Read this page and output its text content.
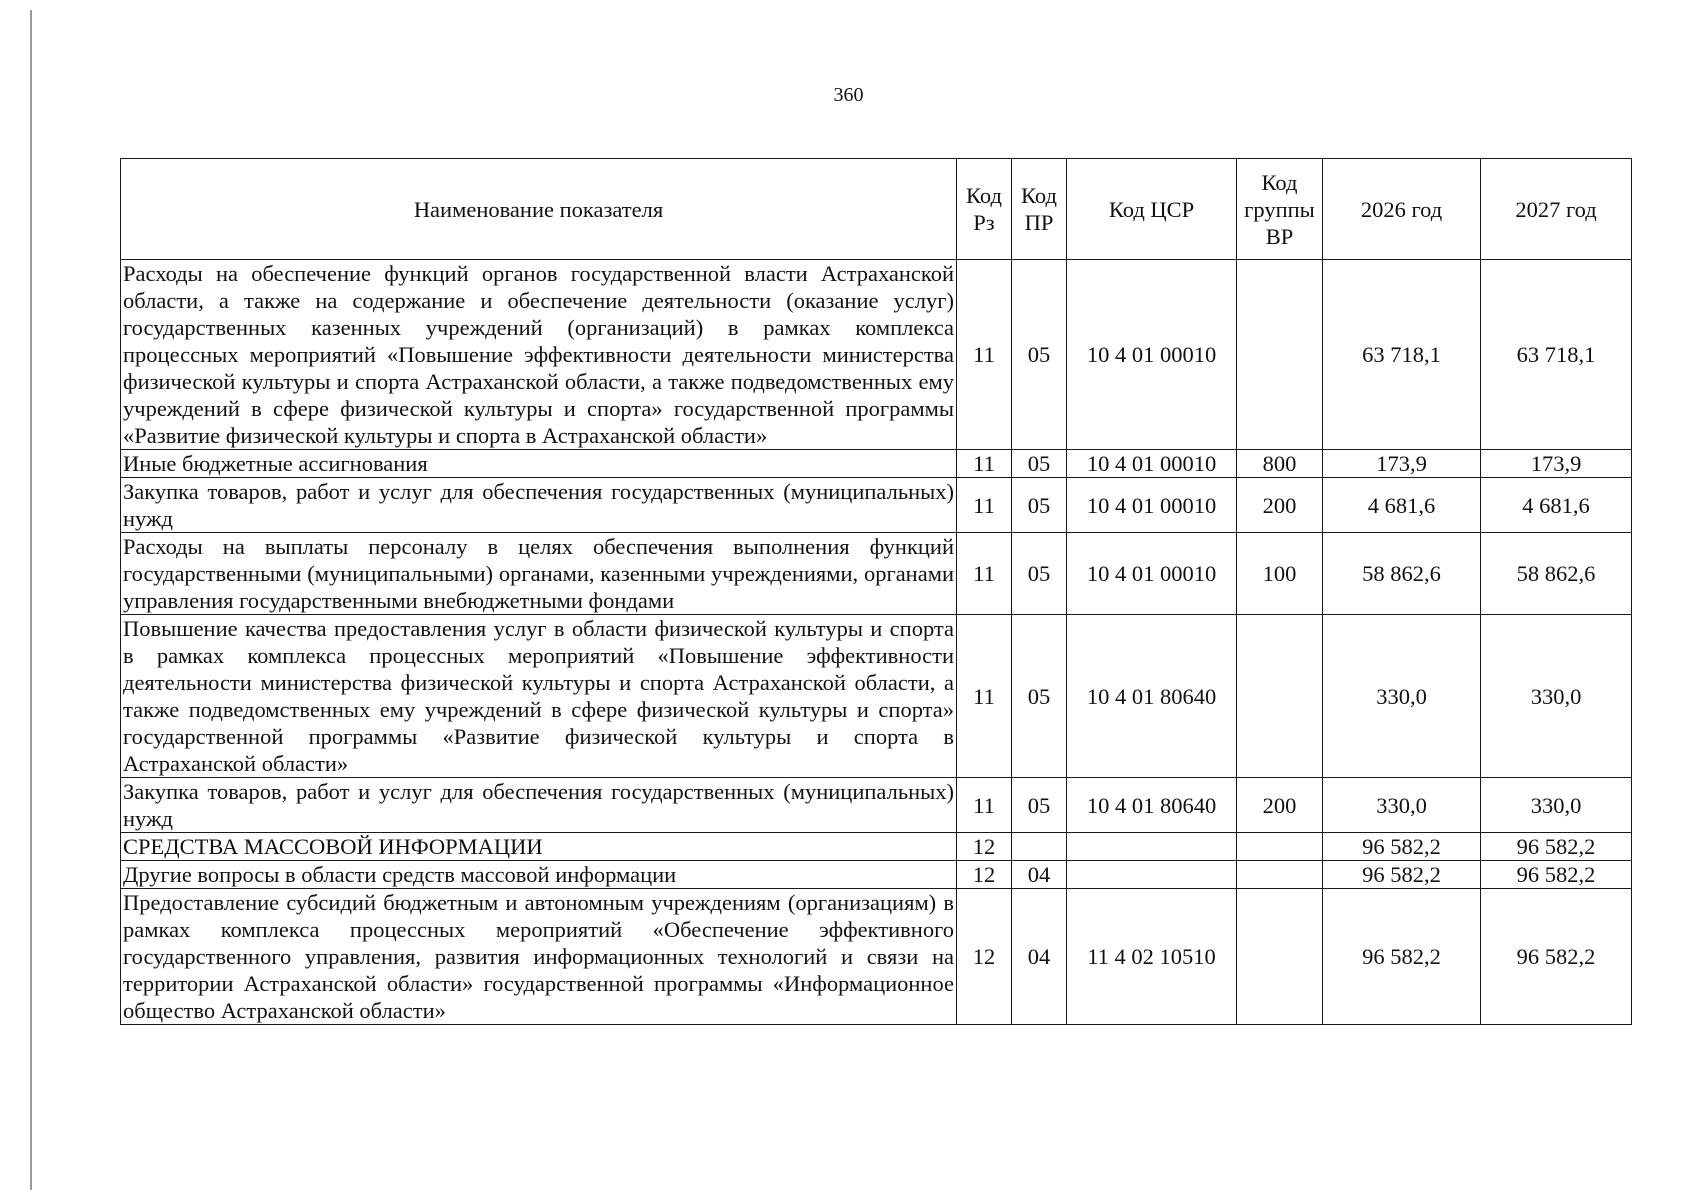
360
Наименование показателя	Код Рз	Код ПР	Код ЦСР	Код группы ВР	2026 год	2027 год
Расходы на обеспечение функций органов государственной власти Астраханской области, а также на содержание и обеспечение деятельности (оказание услуг) государственных казенных учреждений (организаций) в рамках комплекса процессных мероприятий «Повышение эффективности деятельности министерства физической культуры и спорта Астраханской области, а также подведомственных ему учреждений в сфере физической культуры и спорта» государственной программы «Развитие физической культуры и спорта в Астраханской области»	11	05	10 4 01 00010		63 718,1	63 718,1
Иные бюджетные ассигнования	11	05	10 4 01 00010	800	173,9	173,9
Закупка товаров, работ и услуг для обеспечения государственных (муниципальных) нужд	11	05	10 4 01 00010	200	4 681,6	4 681,6
Расходы на выплаты персоналу в целях обеспечения выполнения функций государственными (муниципальными) органами, казенными учреждениями, органами управления государственными внебюджетными фондами	11	05	10 4 01 00010	100	58 862,6	58 862,6
Повышение качества предоставления услуг в области физической культуры и спорта в рамках комплекса процессных мероприятий «Повышение эффективности деятельности министерства физической культуры и спорта Астраханской области, а также подведомственных ему учреждений в сфере физической культуры и спорта» государственной программы «Развитие физической культуры и спорта в Астраханской области»	11	05	10 4 01 80640		330,0	330,0
Закупка товаров, работ и услуг для обеспечения государственных (муниципальных) нужд	11	05	10 4 01 80640	200	330,0	330,0
СРЕДСТВА МАССОВОЙ ИНФОРМАЦИИ	12				96 582,2	96 582,2
Другие вопросы в области средств массовой информации	12	04			96 582,2	96 582,2
Предоставление субсидий бюджетным и автономным учреждениям (организациям) в рамках комплекса процессных мероприятий «Обеспечение эффективного государственного управления, развития информационных технологий и связи на территории Астраханской области» государственной программы «Информационное общество Астраханской области»	12	04	11 4 02 10510		96 582,2	96 582,2
